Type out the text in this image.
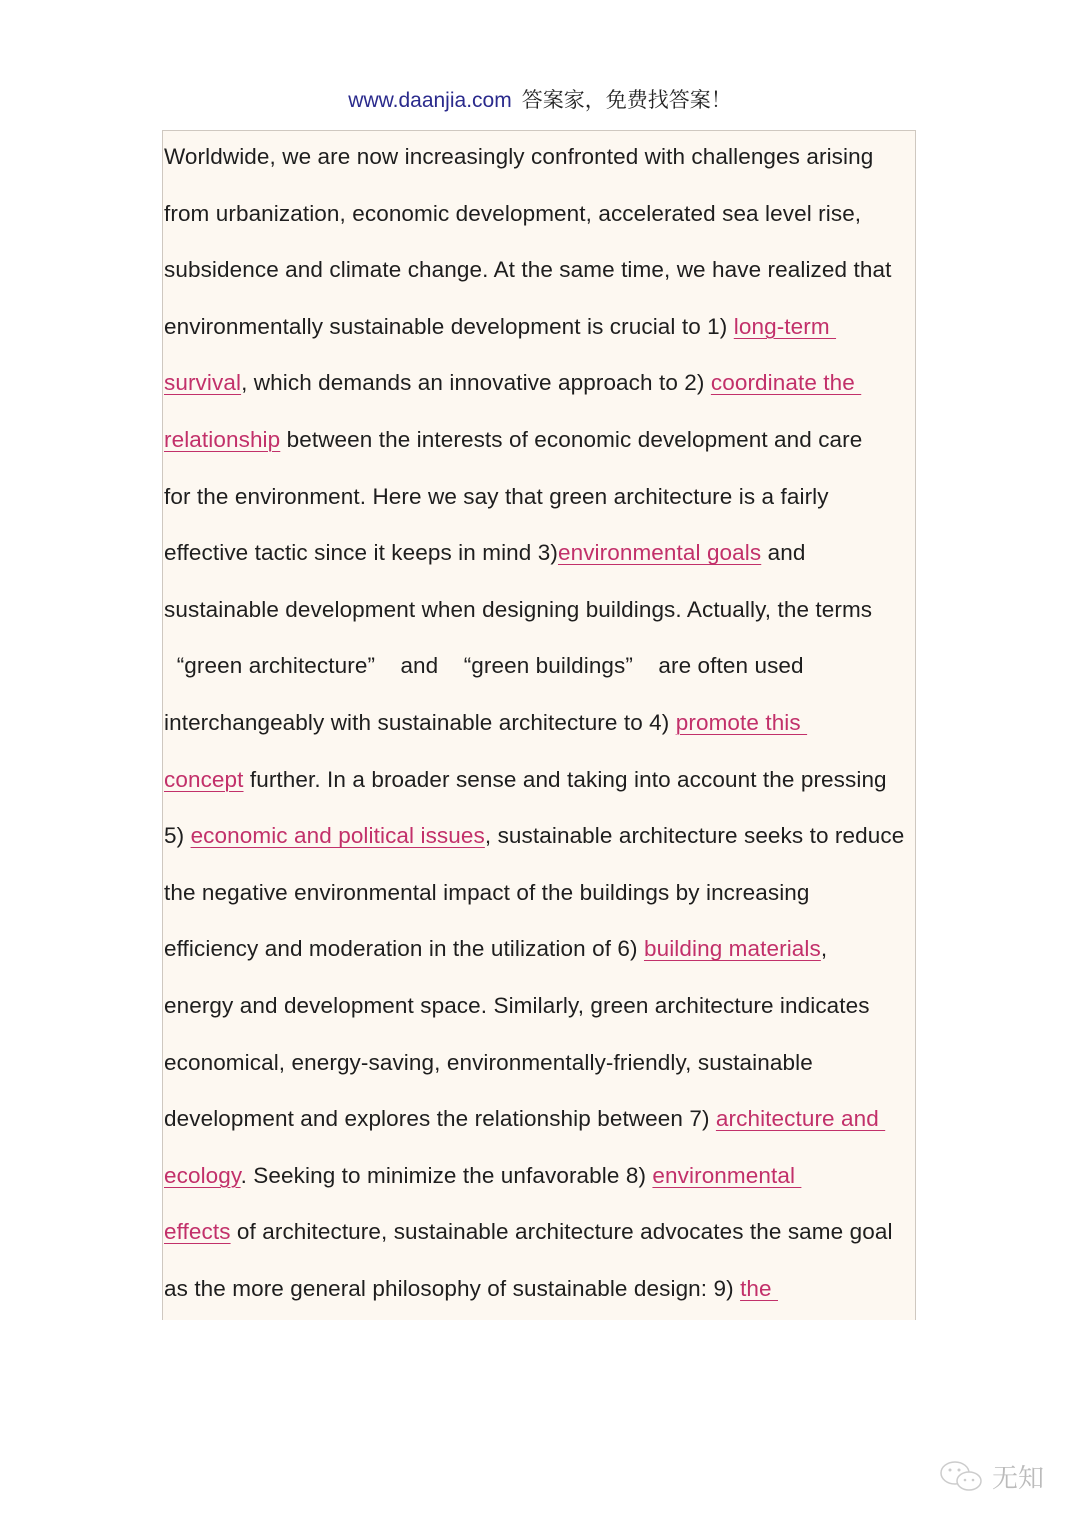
www.daanjia.com 答案家，免费找答案！
Worldwide, we are now increasingly confronted with challenges arising
from urbanization, economic development, accelerated sea level rise,
subsidence and climate change. At the same time, we have realized that
environmentally sustainable development is crucial to 1) long-term
survival, which demands an innovative approach to 2) coordinate the
relationship between the interests of economic development and care
for the environment. Here we say that green architecture is a fairly
effective tactic since it keeps in mind 3)environmental goals and
sustainable development when designing buildings. Actually, the terms
“green architecture”    and    “green buildings”    are often used
interchangeably with sustainable architecture to 4) promote this
concept further. In a broader sense and taking into account the pressing
5) economic and political issues, sustainable architecture seeks to reduce
the negative environmental impact of the buildings by increasing
efficiency and moderation in the utilization of 6) building materials,
energy and development space. Similarly, green architecture indicates
economical, energy-saving, environmentally-friendly, sustainable
development and explores the relationship between 7) architecture and
ecology. Seeking to minimize the unfavorable 8) environmental
effects of architecture, sustainable architecture advocates the same goal
as the more general philosophy of sustainable design: 9) the
无知
